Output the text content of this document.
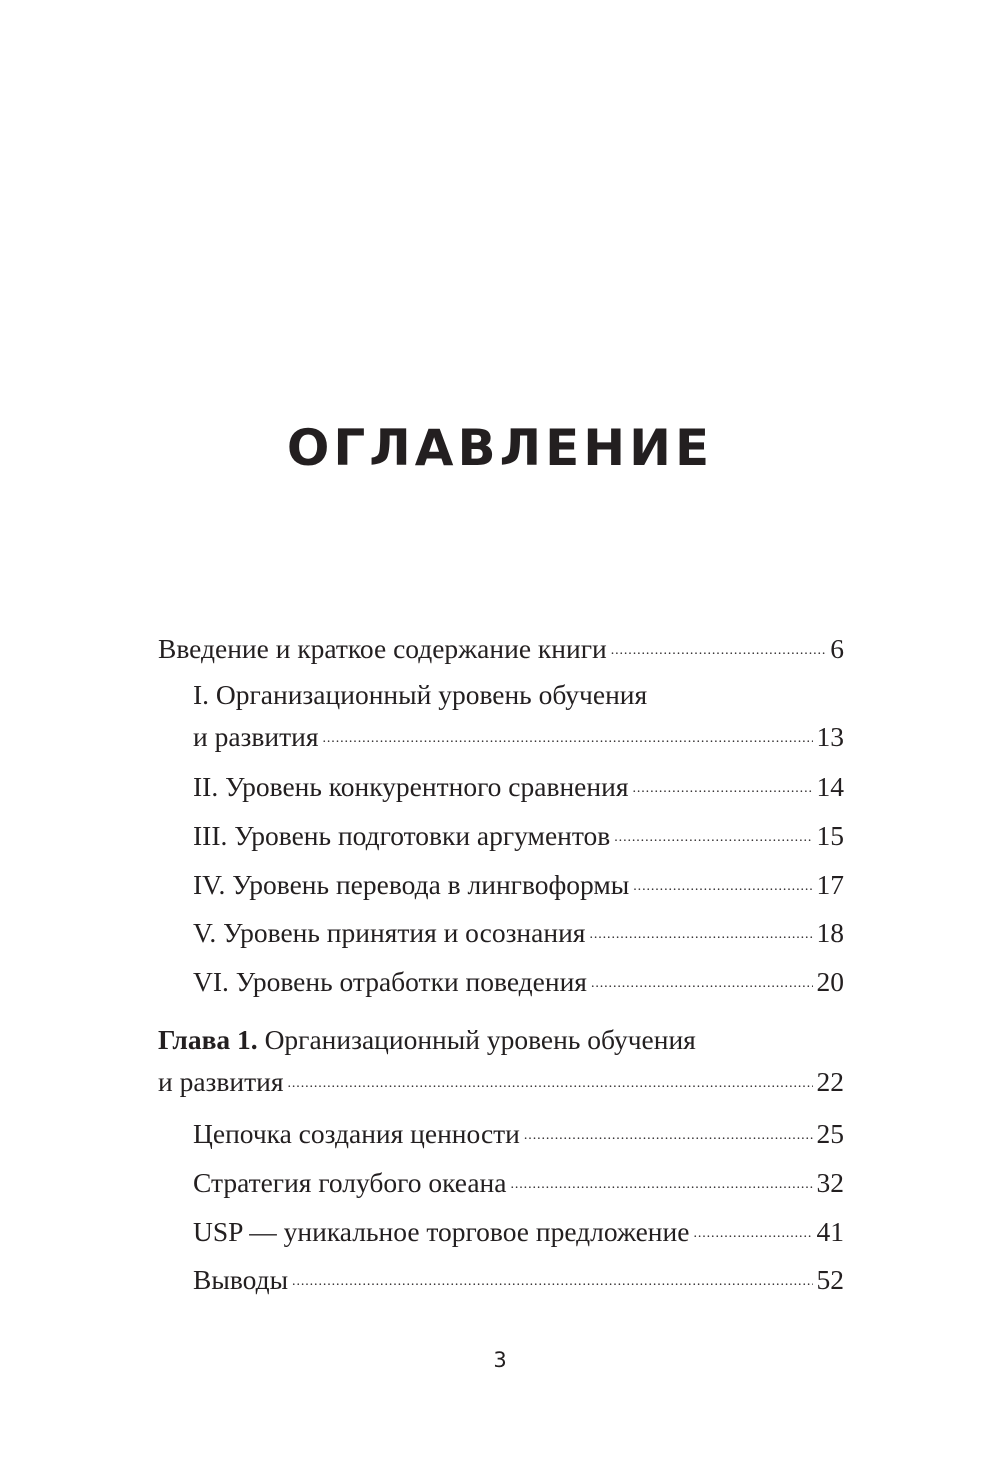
ОГЛАВЛЕНИЕ
Введение и краткое содержание книги . . .	6
I. Организационный уровень обучения
и развития . . .	13
II. Уровень конкурентного сравнения . . .	14
III. Уровень подготовки аргументов . . .	15
IV. Уровень перевода в лингвоформы . . .	17
V. Уровень принятия и осознания . . .	18
VI. Уровень отработки поведения . . .	20
Глава 1. Организационный уровень обучения
и развития . . .	22
Цепочка создания ценности . . .	25
Стратегия голубого океана . . .	32
USP — уникальное торговое предложение . . .	41
Выводы . . .	52
3
